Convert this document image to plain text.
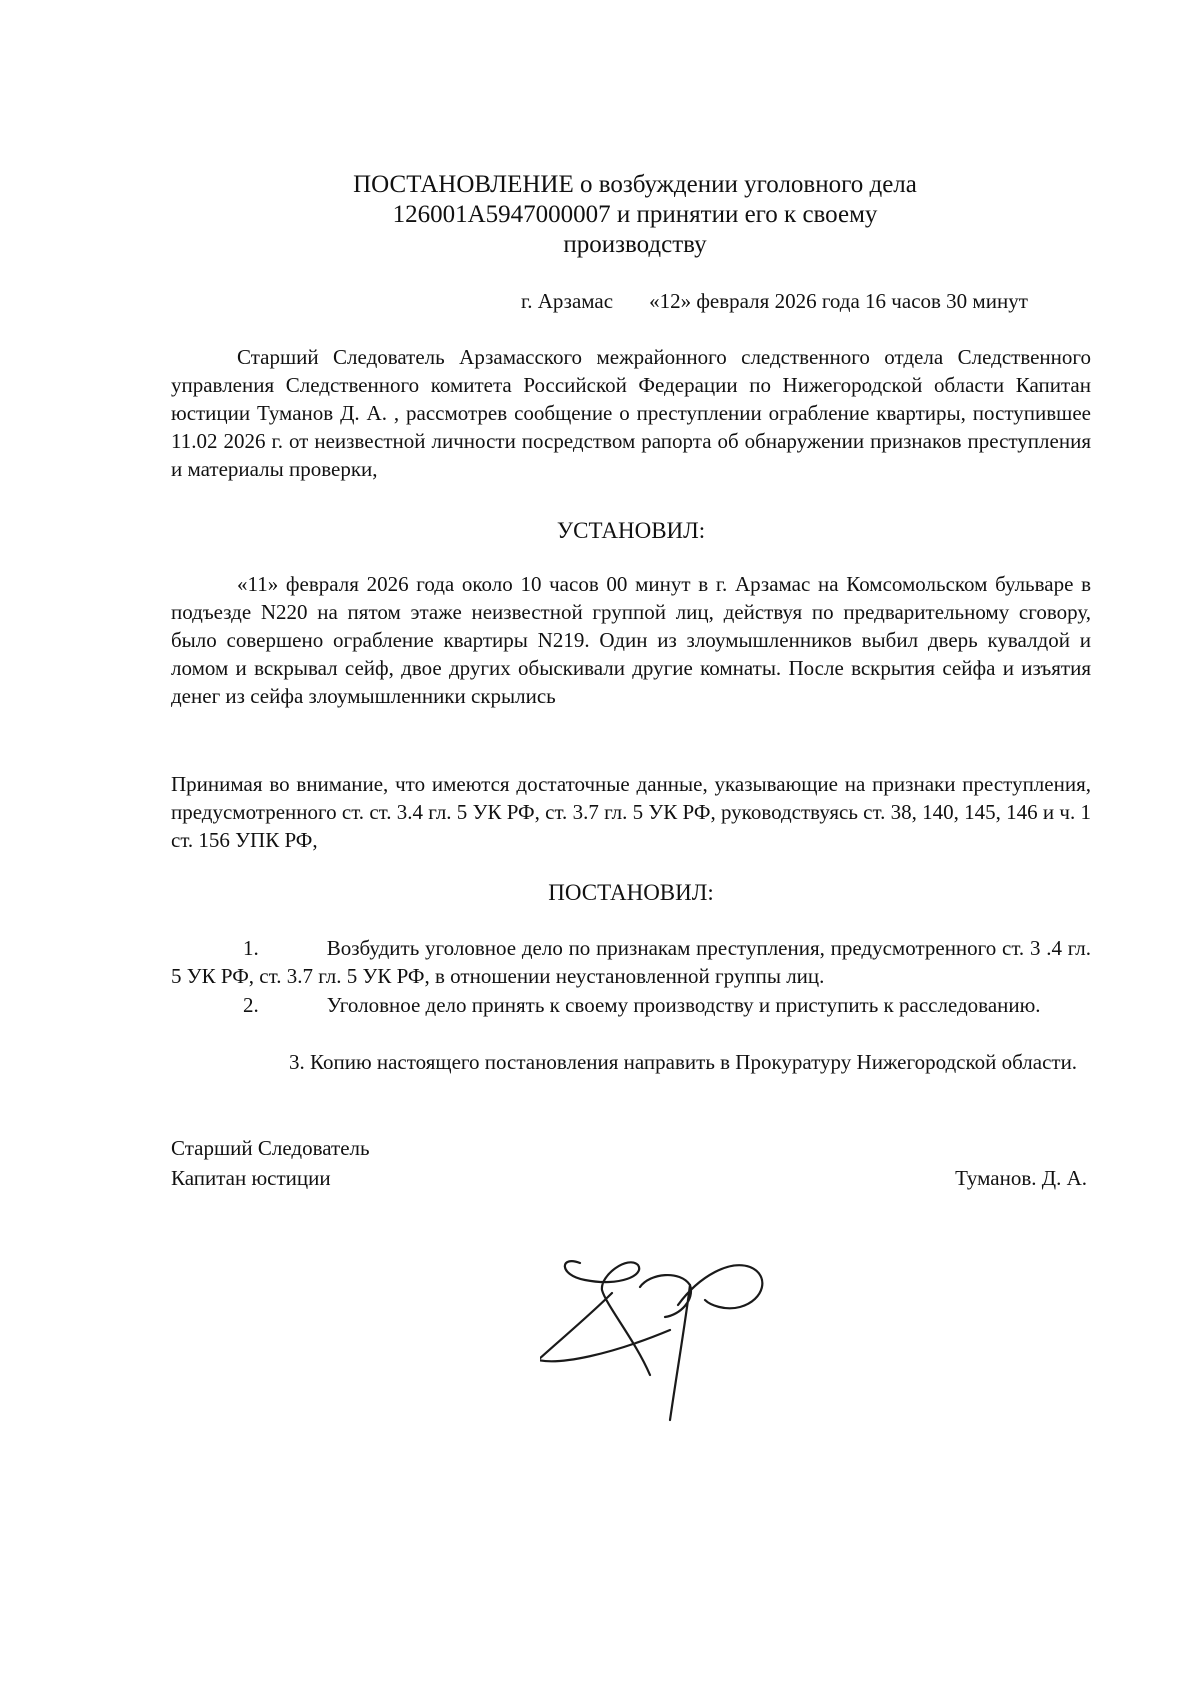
ПОСТАНОВЛЕНИЕ о возбуждении уголовного дела
126001А5947000007 и принятии его к своему
производству
г. Арзамас «12» февраля 2026 года 16 часов 30 минут
Старший Следователь Арзамасского межрайонного следственного отдела Следственного управления Следственного комитета Российской Федерации по Нижегородской области Капитан юстиции Туманов Д. А. , рассмотрев сообщение о преступлении ограбление квартиры, поступившее 11.02 2026 г. от неизвестной личности посредством рапорта об обнаружении признаков преступления и материалы проверки,
УСТАНОВИЛ:
«11» февраля 2026 года около 10 часов 00 минут в г. Арзамас на Комсомольском бульваре в подъезде N220 на пятом этаже неизвестной группой лиц, действуя по предварительному сговору, было совершено ограбление квартиры N219. Один из злоумышленников выбил дверь кувалдой и ломом и вскрывал сейф, двое других обыскивали другие комнаты. После вскрытия сейфа и изъятия денег из сейфа злоумышленники скрылись
Принимая во внимание, что имеются достаточные данные, указывающие на признаки преступления, предусмотренного ст. ст. 3.4 гл. 5 УК РФ, ст. 3.7 гл. 5 УК РФ, руководствуясь ст. 38, 140, 145, 146 и ч. 1 ст. 156 УПК РФ,
ПОСТАНОВИЛ:

1.	Возбудить уголовное дело по признакам преступления, предусмотренного ст. 3 .4 гл. 5 УК РФ, ст. 3.7 гл. 5 УК РФ, в отношении неустановленной группы лиц.

2.	Уголовное дело принять к своему производству и приступить к расследованию.

3. Копию настоящего постановления направить в Прокуратуру Нижегородской области.

Старший Следователь
Капитан юстиции	Туманов. Д. А.
